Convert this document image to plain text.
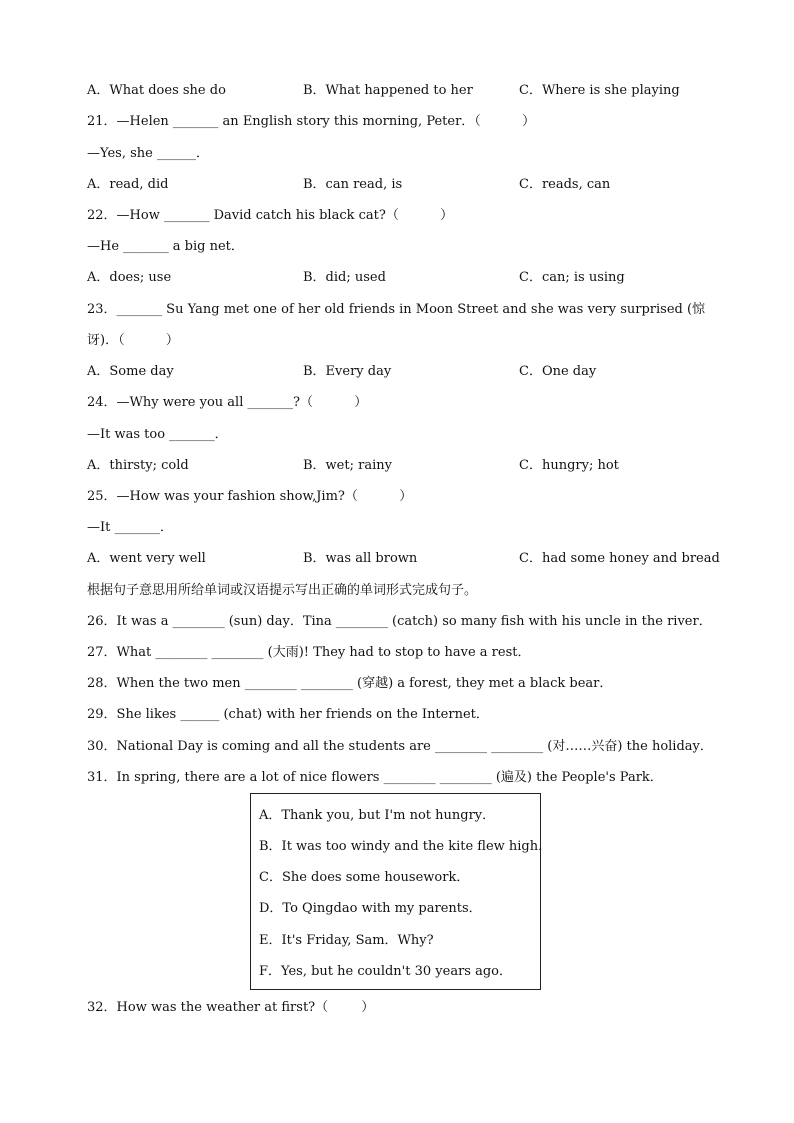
A．What does she do	B．What happened to her	C．Where is she playing
21．—Helen _______ an English story this morning, Peter．（          ）
—Yes, she ______．
A．read, did	B．can read, is	C．reads, can
22．—How _______ David catch his black cat?（          ）
—He _______ a big net．
A．does; use	B．did; used	C．can; is using
23．_______ Su Yang met one of her old friends in Moon Street and she was very surprised (惊
讶)．（          ）
A．Some day	B．Every day	C．One day
24．—Why were you all _______?（          ）
—It was too _______．
A．thirsty; cold	B．wet; rainy	C．hungry; hot
25．—How was your fashion show,Jim?（          ）
—It _______．
A．went very well	B．was all brown	C．had some honey and bread
根据句子意思用所给单词或汉语提示写出正确的单词形式完成句子。
26．It was a ________ (sun) day．Tina ________ (catch) so many fish with his uncle in the river．
27．What ________ ________ (大雨)! They had to stop to have a rest．
28．When the two men ________ ________ (穿越) a forest, they met a black bear．
29．She likes ______ (chat) with her friends on the Internet．
30．National Day is coming and all the students are ________ ________ (对……兴奋) the holiday．
31．In spring, there are a lot of nice flowers ________ ________ (遍及) the People's Park．
A．Thank you, but I'm not hungry．
B．It was too windy and the kite flew high．
C．She does some housework．
D．To Qingdao with my parents．
E．It's Friday, Sam．Why?
F．Yes, but he couldn't 30 years ago．
32．How was the weather at first?（        ）
